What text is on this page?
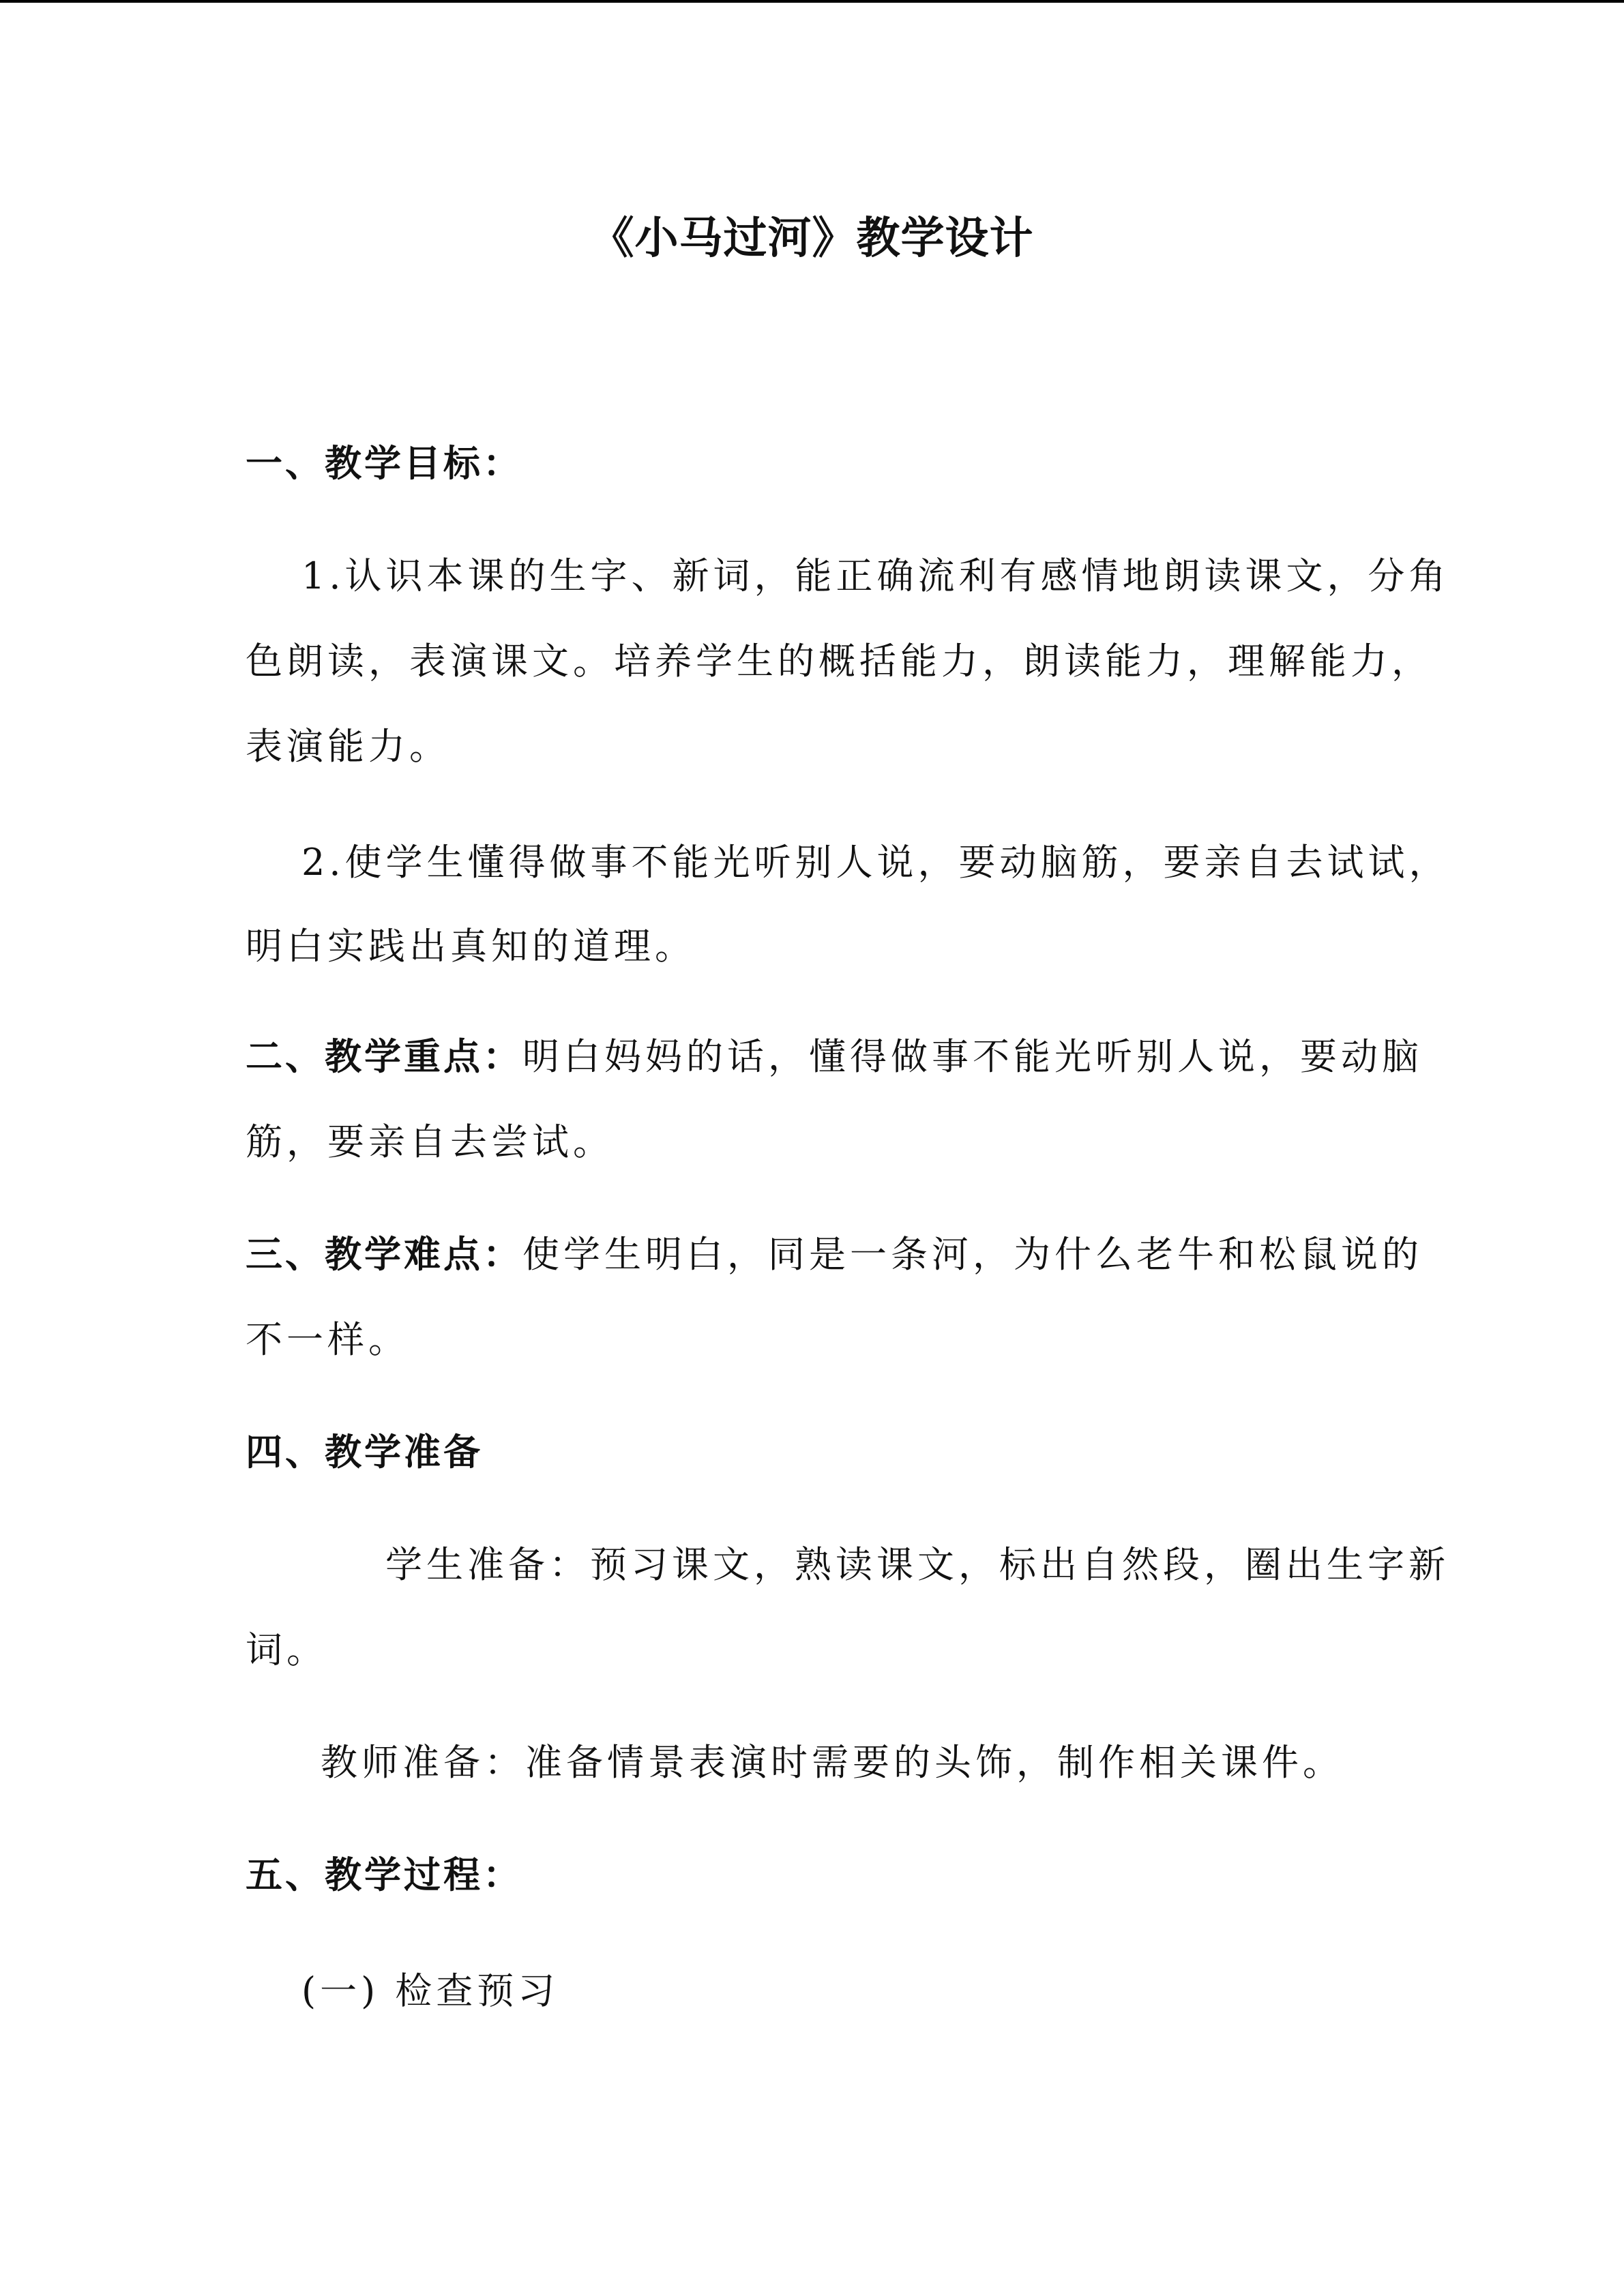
《小马过河》教学设计
一、教学目标：
1.认识本课的生字、新词，能正确流利有感情地朗读课文，分角
色朗读，表演课文。培养学生的概括能力，朗读能力，理解能力，
表演能力。
2.使学生懂得做事不能光听别人说，要动脑筋，要亲自去试试，
明白实践出真知的道理。
二、教学重点：明白妈妈的话，懂得做事不能光听别人说，要动脑
筋，要亲自去尝试。
三、教学难点：使学生明白，同是一条河，为什么老牛和松鼠说的
不一样。
四、教学准备
学生准备：预习课文，熟读课文，标出自然段，圈出生字新
词。
教师准备：准备情景表演时需要的头饰，制作相关课件。
五、教学过程：
(一) 检查预习
